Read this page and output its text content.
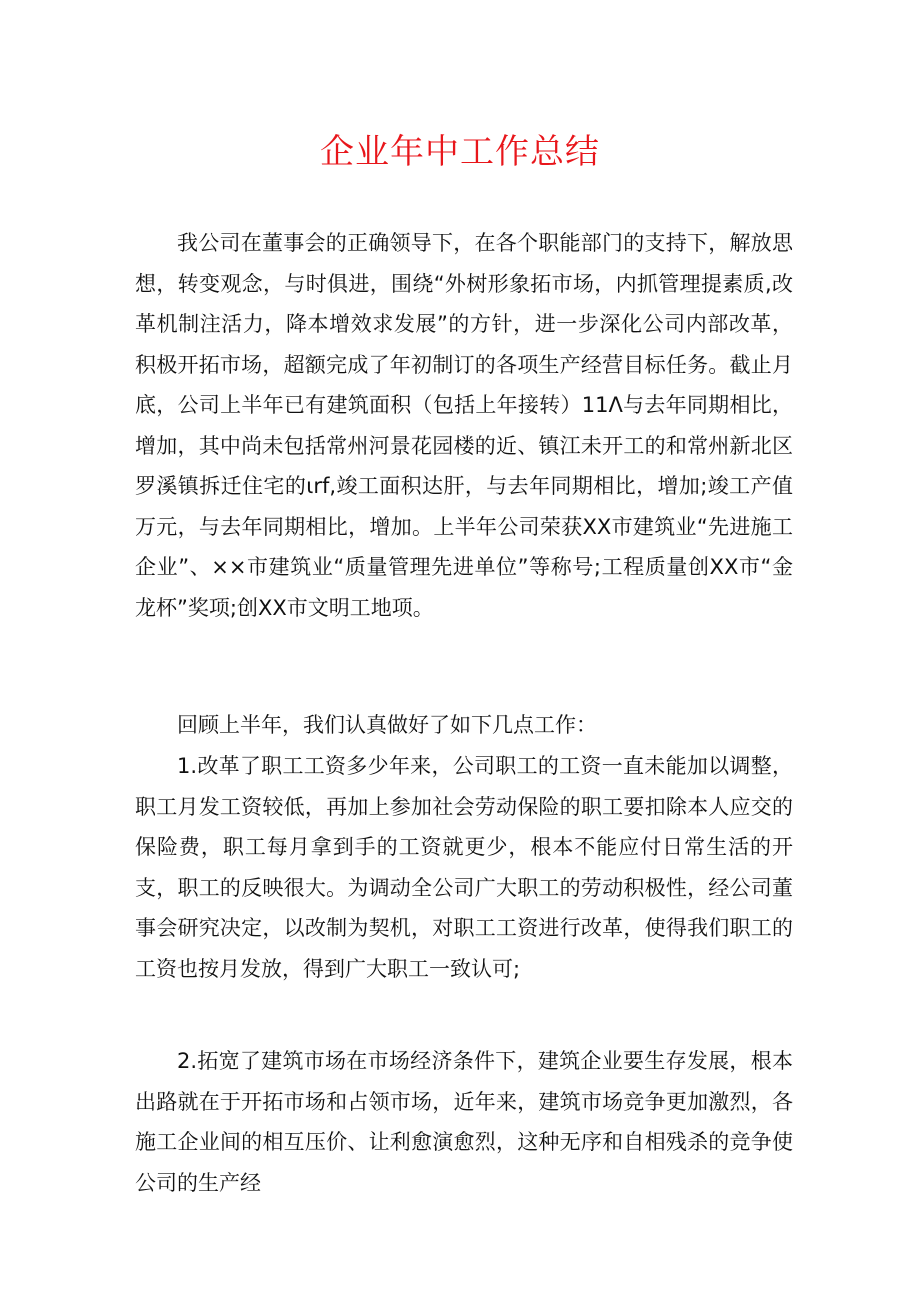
企业年中工作总结

我公司在董事会的正确领导下，在各个职能部门的支持下，解放思想，转变观念，与时俱进，围绕“外树形象拓市场，内抓管理提素质,改革机制注活力，降本增效求发展”的方针，进一步深化公司内部改革，积极开拓市场，超额完成了年初制订的各项生产经营目标任务。截止月底，公司上半年已有建筑面积（包括上年接转）11Λ与去年同期相比，增加，其中尚未包括常州河景花园楼的近、镇江未开工的和常州新北区罗溪镇拆迁住宅的ιrf,竣工面积达肝，与去年同期相比，增加;竣工产值万元，与去年同期相比，增加。上半年公司荣获XX市建筑业“先进施工企业”、××市建筑业“质量管理先进单位”等称号;工程质量创XX市“金龙杯”奖项;创XX市文明工地项。

回顾上半年，我们认真做好了如下几点工作：

1.改革了职工工资多少年来，公司职工的工资一直未能加以调整，职工月发工资较低，再加上参加社会劳动保险的职工要扣除本人应交的保险费，职工每月拿到手的工资就更少，根本不能应付日常生活的开支，职工的反映很大。为调动全公司广大职工的劳动积极性，经公司董事会研究决定，以改制为契机，对职工工资进行改革，使得我们职工的工资也按月发放，得到广大职工一致认可;

2.拓宽了建筑市场在市场经济条件下，建筑企业要生存发展，根本出路就在于开拓市场和占领市场，近年来，建筑市场竞争更加激烈，各施工企业间的相互压价、让利愈演愈烈，这种无序和自相残杀的竞争使公司的生产经
